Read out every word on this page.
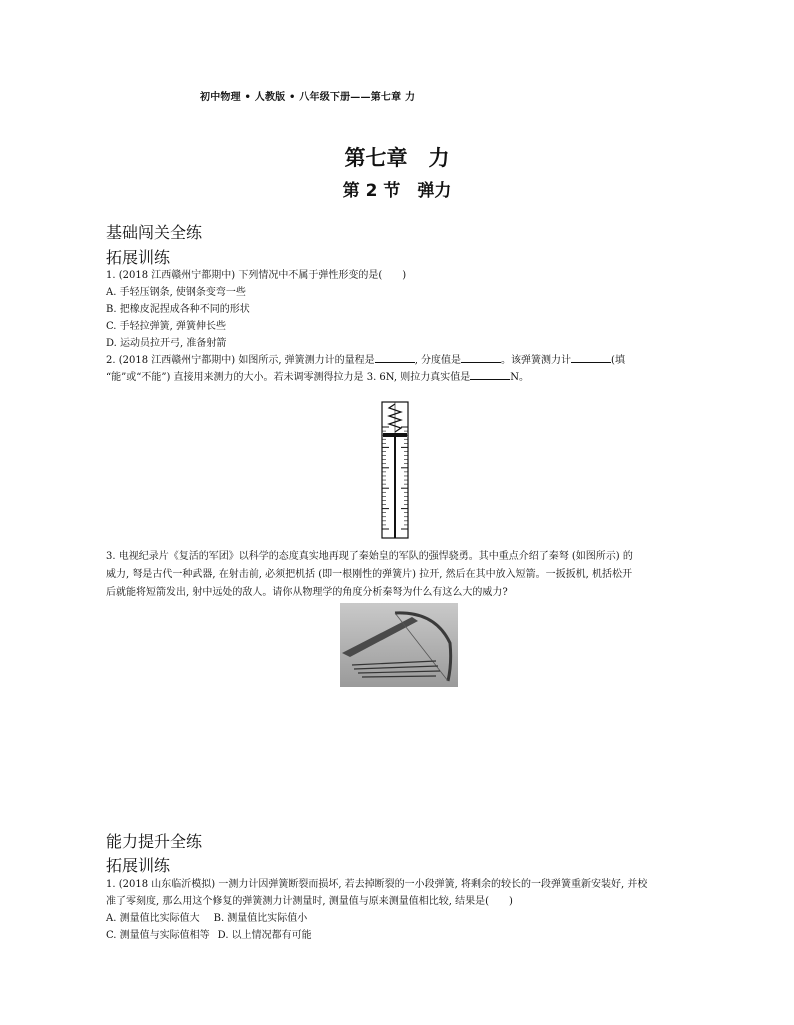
初中物理 • 人教版 • 八年级下册——第七章 力
第七章　力
第 2 节　弹力
基础闯关全练
拓展训练
1. (2018 江西赣州宁都期中) 下列情况中不属于弹性形变的是( )
A. 手轻压钢条, 使钢条变弯一些
B. 把橡皮泥捏成各种不同的形状
C. 手轻拉弹簧, 弹簧伸长些
D. 运动员拉开弓, 准备射箭
2. (2018 江西赣州宁都期中) 如图所示, 弹簧测力计的量程是	, 分度值是	。该弹簧测力计	(填
“能”或“不能”) 直接用来测力的大小。若未调零测得拉力是 3. 6N, 则拉力真实值是	N。
3. 电视纪录片《复活的军团》以科学的态度真实地再现了秦始皇的军队的强悍骁勇。其中重点介绍了秦弩 (如图所示) 的
威力, 弩是古代一种武器, 在射击前, 必须把机括 (即一根刚性的弹簧片) 拉开, 然后在其中放入短箭。一扳扳机, 机括松开
后就能将短箭发出, 射中远处的敌人。请你从物理学的角度分析秦弩为什么有这么大的威力?
能力提升全练
拓展训练
1. (2018 山东临沂模拟) 一测力计因弹簧断裂而损坏, 若去掉断裂的一小段弹簧, 将剩余的较长的一段弹簧重新安装好, 并校
准了零刻度, 那么用这个修复的弹簧测力计测量时, 测量值与原来测量值相比较, 结果是( )
A. 测量值比实际值大 B. 测量值比实际值小
C. 测量值与实际值相等 D. 以上情况都有可能
